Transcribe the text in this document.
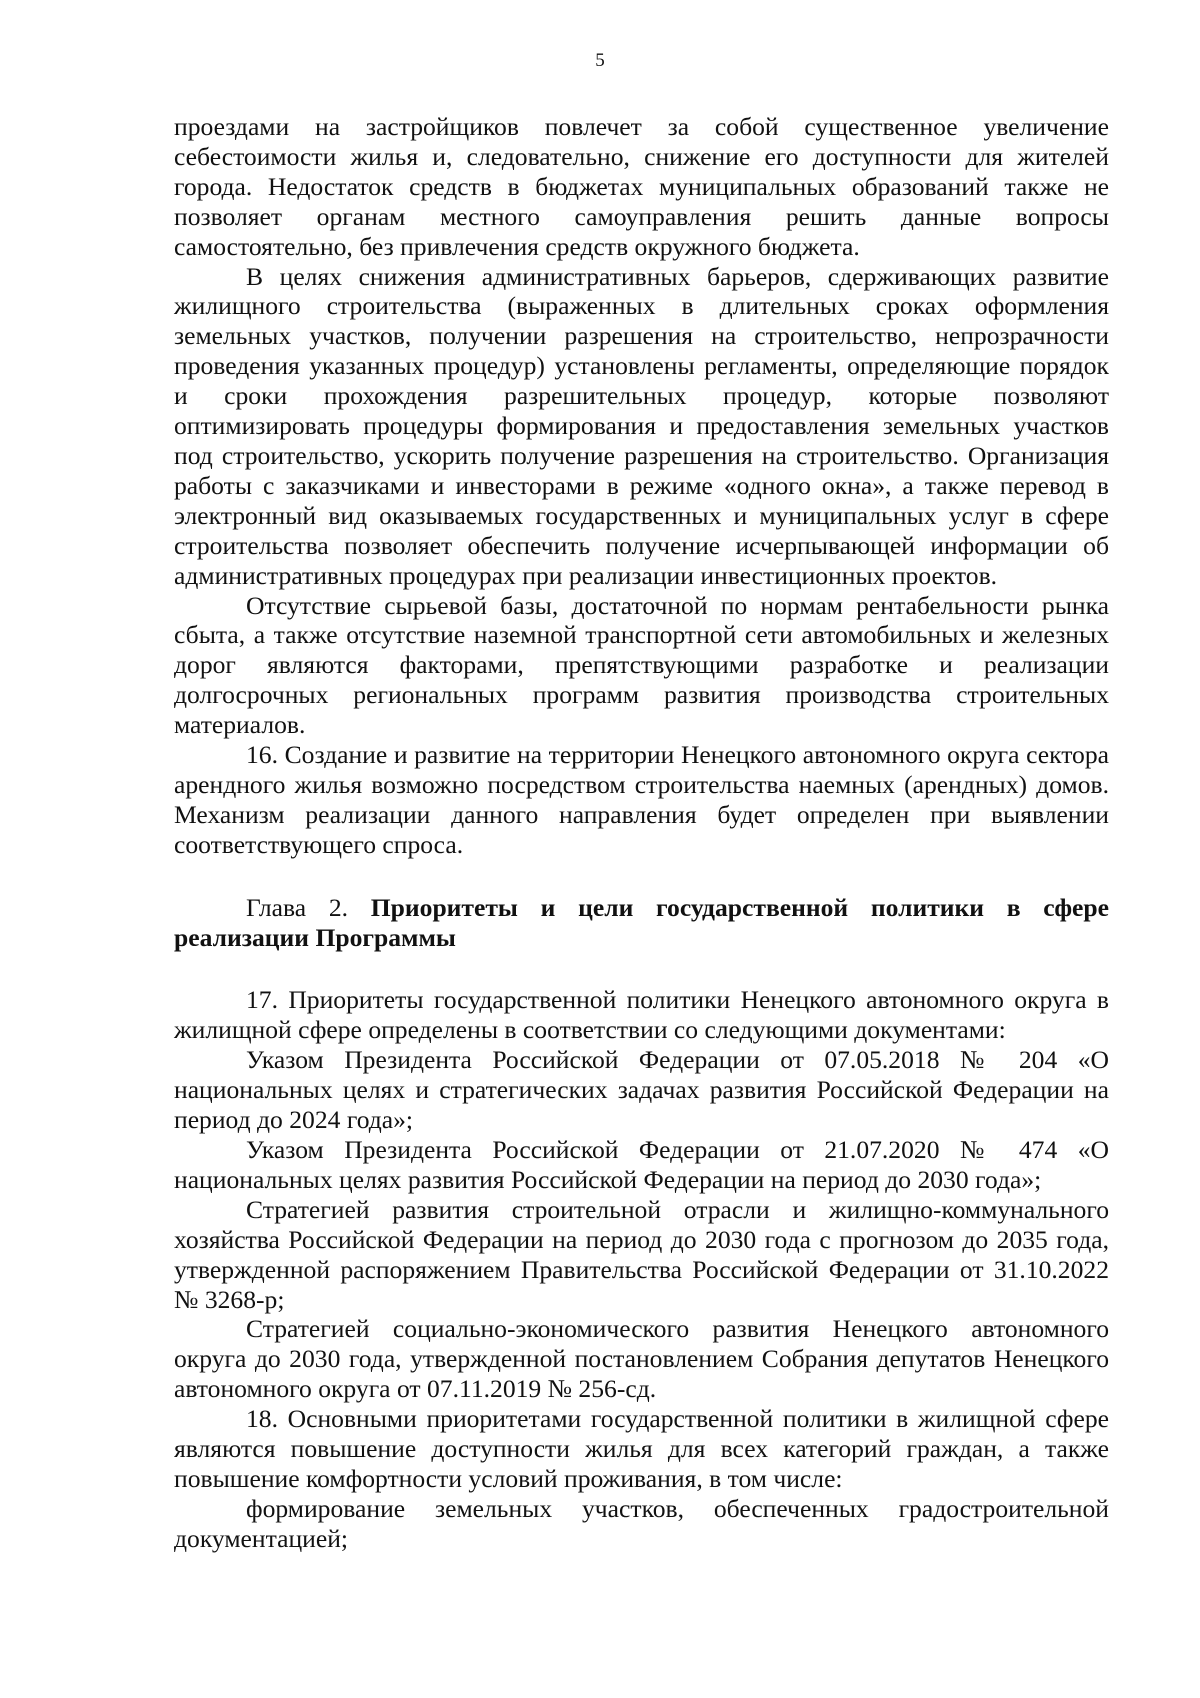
5

проездами на застройщиков повлечет за собой существенное увеличение себестоимости жилья и, следовательно, снижение его доступности для жителей города. Недостаток средств в бюджетах муниципальных образований также не позволяет органам местного самоуправления решить данные вопросы самостоятельно, без привлечения средств окружного бюджета.

В целях снижения административных барьеров, сдерживающих развитие жилищного строительства (выраженных в длительных сроках оформления земельных участков, получении разрешения на строительство, непрозрачности проведения указанных процедур) установлены регламенты, определяющие порядок и сроки прохождения разрешительных процедур, которые позволяют оптимизировать процедуры формирования и предоставления земельных участков под строительство, ускорить получение разрешения на строительство. Организация работы с заказчиками и инвесторами в режиме «одного окна», а также перевод в электронный вид оказываемых государственных и муниципальных услуг в сфере строительства позволяет обеспечить получение исчерпывающей информации об административных процедурах при реализации инвестиционных проектов.

Отсутствие сырьевой базы, достаточной по нормам рентабельности рынка сбыта, а также отсутствие наземной транспортной сети автомобильных и железных дорог являются факторами, препятствующими разработке и реализации долгосрочных региональных программ развития производства строительных материалов.

16. Создание и развитие на территории Ненецкого автономного округа сектора арендного жилья возможно посредством строительства наемных (арендных) домов. Механизм реализации данного направления будет определен при выявлении соответствующего спроса.

Глава 2. Приоритеты и цели государственной политики в сфере реализации Программы

17. Приоритеты государственной политики Ненецкого автономного округа в жилищной сфере определены в соответствии со следующими документами:

Указом Президента Российской Федерации от 07.05.2018 № 204 «О национальных целях и стратегических задачах развития Российской Федерации на период до 2024 года»;

Указом Президента Российской Федерации от 21.07.2020 № 474 «О национальных целях развития Российской Федерации на период до 2030 года»;

Стратегией развития строительной отрасли и жилищно-коммунального хозяйства Российской Федерации на период до 2030 года с прогнозом до 2035 года, утвержденной распоряжением Правительства Российской Федерации от 31.10.2022 № 3268-р;

Стратегией социально-экономического развития Ненецкого автономного округа до 2030 года, утвержденной постановлением Собрания депутатов Ненецкого автономного округа от 07.11.2019 № 256-сд.

18. Основными приоритетами государственной политики в жилищной сфере являются повышение доступности жилья для всех категорий граждан, а также повышение комфортности условий проживания, в том числе:

формирование земельных участков, обеспеченных градостроительной документацией;
